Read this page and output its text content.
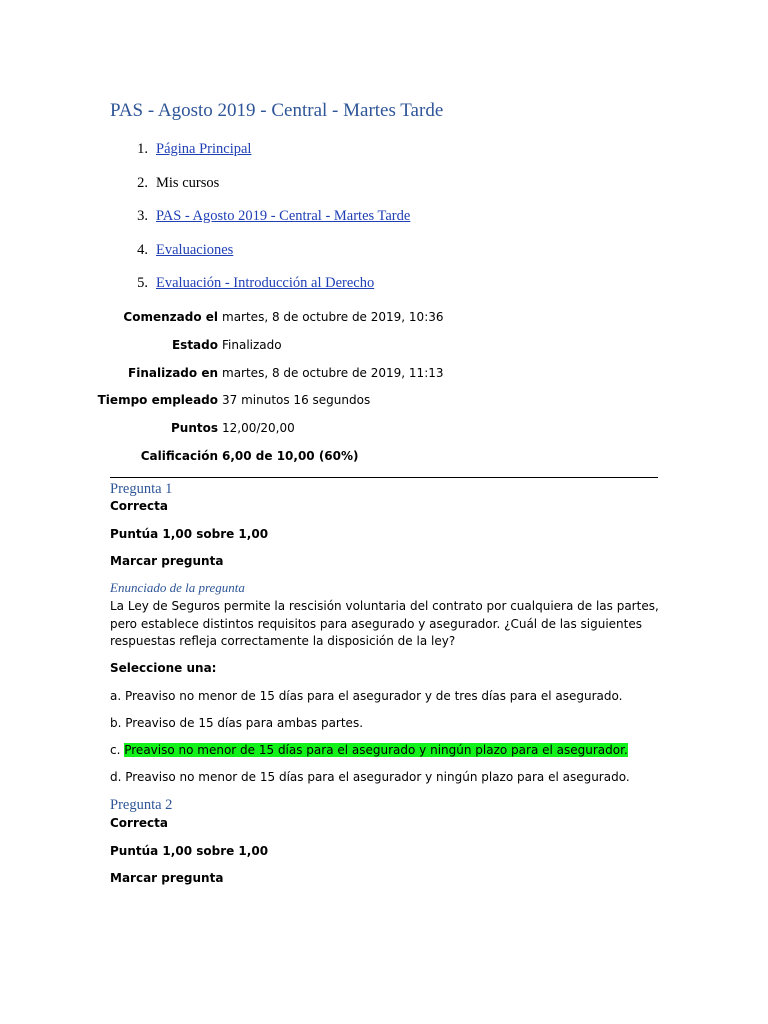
PAS - Agosto 2019 - Central - Martes Tarde
1. Página Principal
2. Mis cursos
3. PAS - Agosto 2019 - Central - Martes Tarde
4. Evaluaciones
5. Evaluación - Introducción al Derecho
Comenzado el martes, 8 de octubre de 2019, 10:36
Estado Finalizado
Finalizado en martes, 8 de octubre de 2019, 11:13
Tiempo empleado 37 minutos 16 segundos
Puntos 12,00/20,00
Calificación 6,00 de 10,00 (60%)
Pregunta 1
Correcta
Puntúa 1,00 sobre 1,00
Marcar pregunta
Enunciado de la pregunta
La Ley de Seguros permite la rescisión voluntaria del contrato por cualquiera de las partes,
pero establece distintos requisitos para asegurado y asegurador. ¿Cuál de las siguientes
respuestas refleja correctamente la disposición de la ley?
Seleccione una:
a. Preaviso no menor de 15 días para el asegurador y de tres días para el asegurado.
b. Preaviso de 15 días para ambas partes.
c. Preaviso no menor de 15 días para el asegurado y ningún plazo para el asegurador.
d. Preaviso no menor de 15 días para el asegurador y ningún plazo para el asegurado.
Pregunta 2
Correcta
Puntúa 1,00 sobre 1,00
Marcar pregunta
